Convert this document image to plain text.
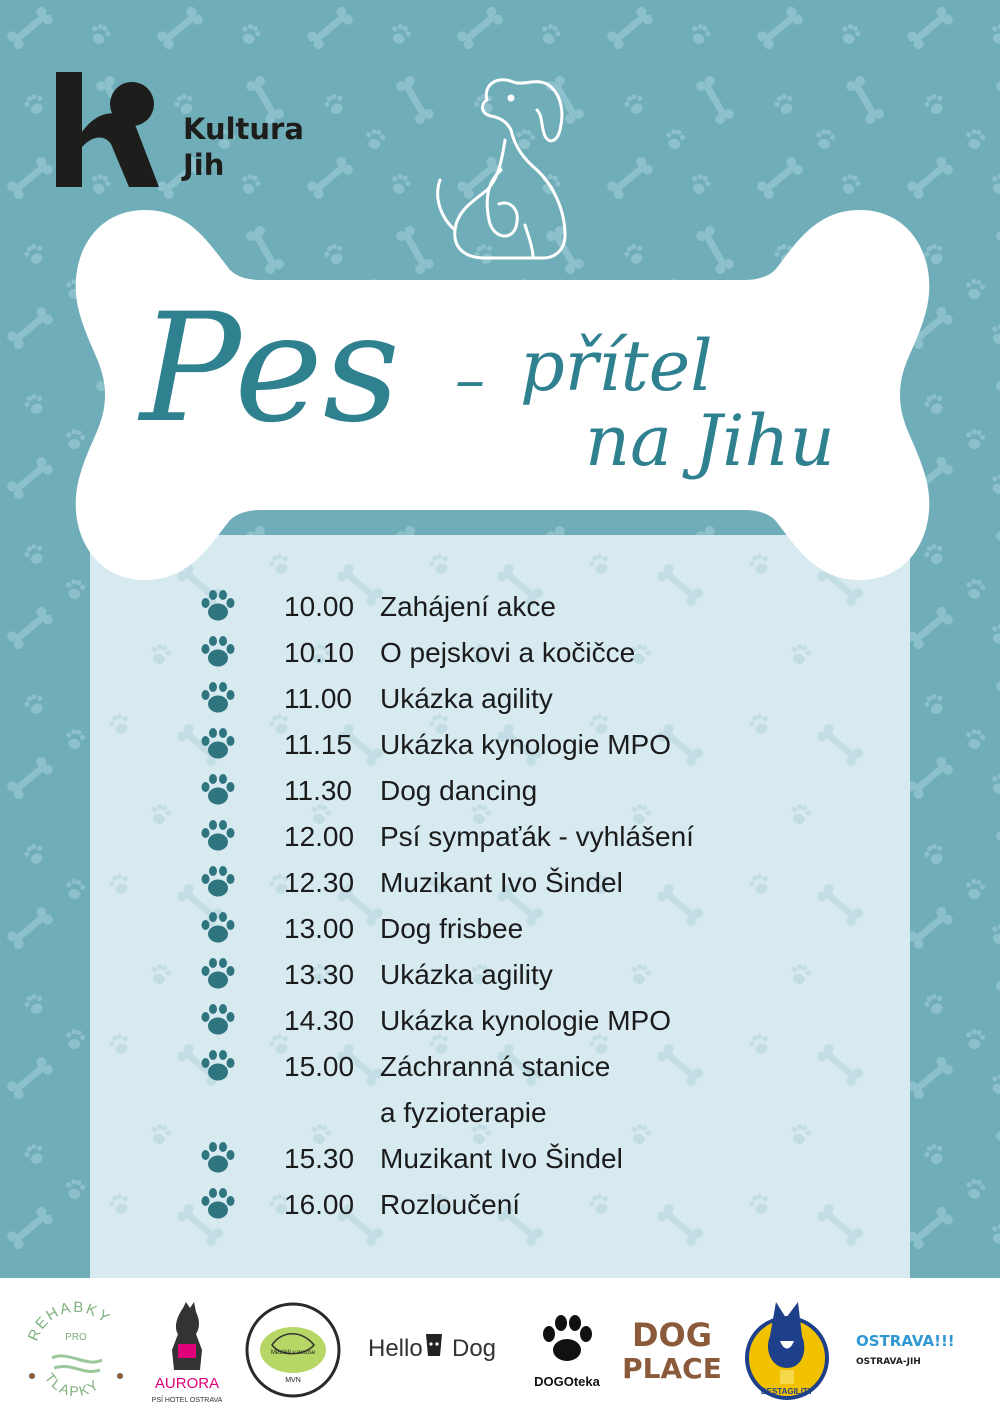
Kultura
Jih
Pes – přítel
na Jihu
10.00 Zahájení akce
10.10 O pejskovi a kočičce
11.00 Ukázka agility
11.15 Ukázka kynologie MPO
11.30 Dog dancing
12.00 Psí sympaťák - vyhlášení
12.30 Muzikant Ivo Šindel
13.00 Dog frisbee
13.30 Ukázka agility
14.30 Ukázka kynologie MPO
15.00 Záchranná stanice
a fyzioterapie
15.30 Muzikant Ivo Šindel
16.00 Rozloučení
REHABKY
PRO
TLAPKY	AURORA
PSÍ HOTEL OSTRAVA
Mezilidi v mouse
MVN
Hello Dog
DOGOteka
DOG
PLACE
BESTAGILITY
OSTRAVA!!!
OSTRAVA-JIH
